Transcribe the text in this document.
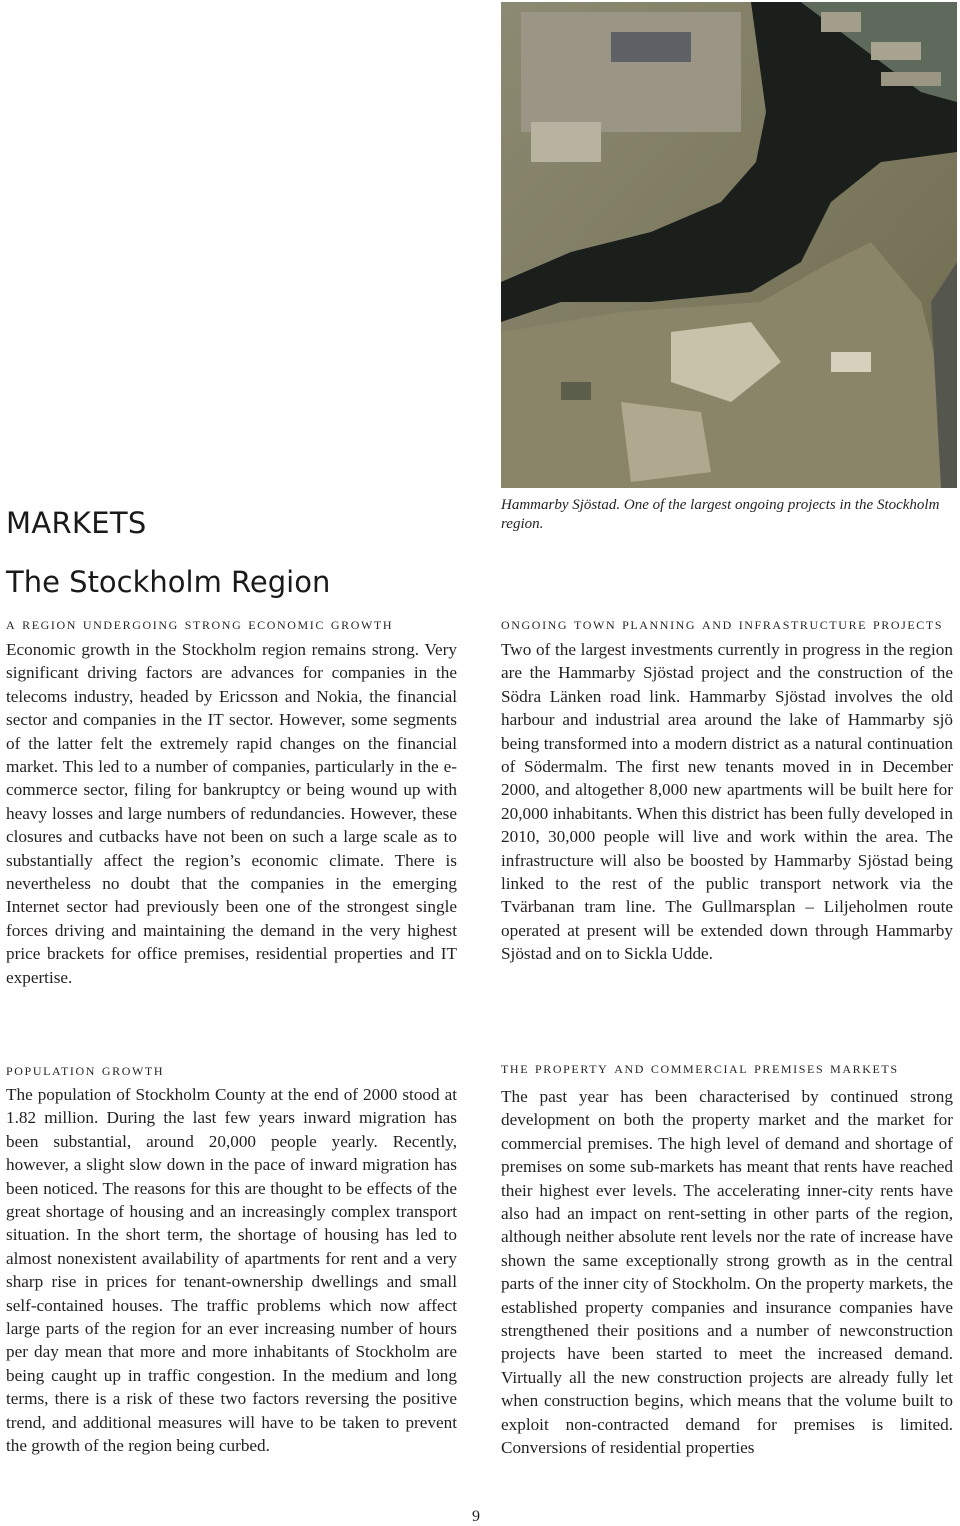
Hammarby Sjöstad. One of the largest ongoing projects in the Stockholm region.
MARKETS
The Stockholm Region

a region undergoing strong economic growth

Economic growth in the Stockholm region remains strong. Very significant driving factors are advances for companies in the telecoms industry, headed by Ericsson and Nokia, the financial sector and companies in the IT sector. However, some segments of the latter felt the extremely rapid changes on the financial market. This led to a number of companies, particularly in the e-commerce sector, filing for bankruptcy or being wound up with heavy losses and large numbers of redundancies. However, these closures and cutbacks have not been on such a large scale as to substantially affect the region’s economic climate. There is nevertheless no doubt that the companies in the emerging Internet sector had previously been one of the strongest single forces driving and maintaining the demand in the very highest price brackets for office premises, residential properties and IT expertise.

population growth

The population of Stockholm County at the end of 2000 stood at 1.82 million. During the last few years inward migration has been substantial, around 20,000 people yearly. Recently, however, a slight slow down in the pace of inward migration has been noticed. The reasons for this are thought to be effects of the great shortage of housing and an increasingly complex transport situation. In the short term, the shortage of housing has led to almost nonexistent availability of apartments for rent and a very sharp rise in prices for tenant-ownership dwellings and small self-contained houses. The traffic problems which now affect large parts of the region for an ever increasing number of hours per day mean that more and more inhabitants of Stockholm are being caught up in traffic congestion. In the medium and long terms, there is a risk of these two factors reversing the positive trend, and additional measures will have to be taken to prevent the growth of the region being curbed.

ongoing town planning and infrastructure projects

Two of the largest investments currently in progress in the region are the Hammarby Sjöstad project and the construction of the Södra Länken road link. Hammarby Sjöstad involves the old harbour and industrial area around the lake of Hammarby sjö being transformed into a modern district as a natural continuation of Södermalm. The first new tenants moved in in December 2000, and altogether 8,000 new apartments will be built here for 20,000 inhabitants. When this district has been fully developed in 2010, 30,000 people will live and work within the area. The infrastructure will also be boosted by Hammarby Sjöstad being linked to the rest of the public transport network via the Tvärbanan tram line. The Gullmarsplan – Liljeholmen route operated at present will be extended down through Hammarby Sjöstad and on to Sickla Udde.

the property and commercial premises markets

The past year has been characterised by continued strong development on both the property market and the market for commercial premises. The high level of demand and shortage of premises on some sub-markets has meant that rents have reached their highest ever levels. The accelerating inner-city rents have also had an impact on rent-setting in other parts of the region, although neither absolute rent levels nor the rate of increase have shown the same exceptionally strong growth as in the central parts of the inner city of Stockholm. On the property markets, the established property companies and insurance companies have strengthened their positions and a number of newconstruction projects have been started to meet the increased demand. Virtually all the new construction projects are already fully let when construction begins, which means that the volume built to exploit non-contracted demand for premises is limited. Conversions of residential properties

9
